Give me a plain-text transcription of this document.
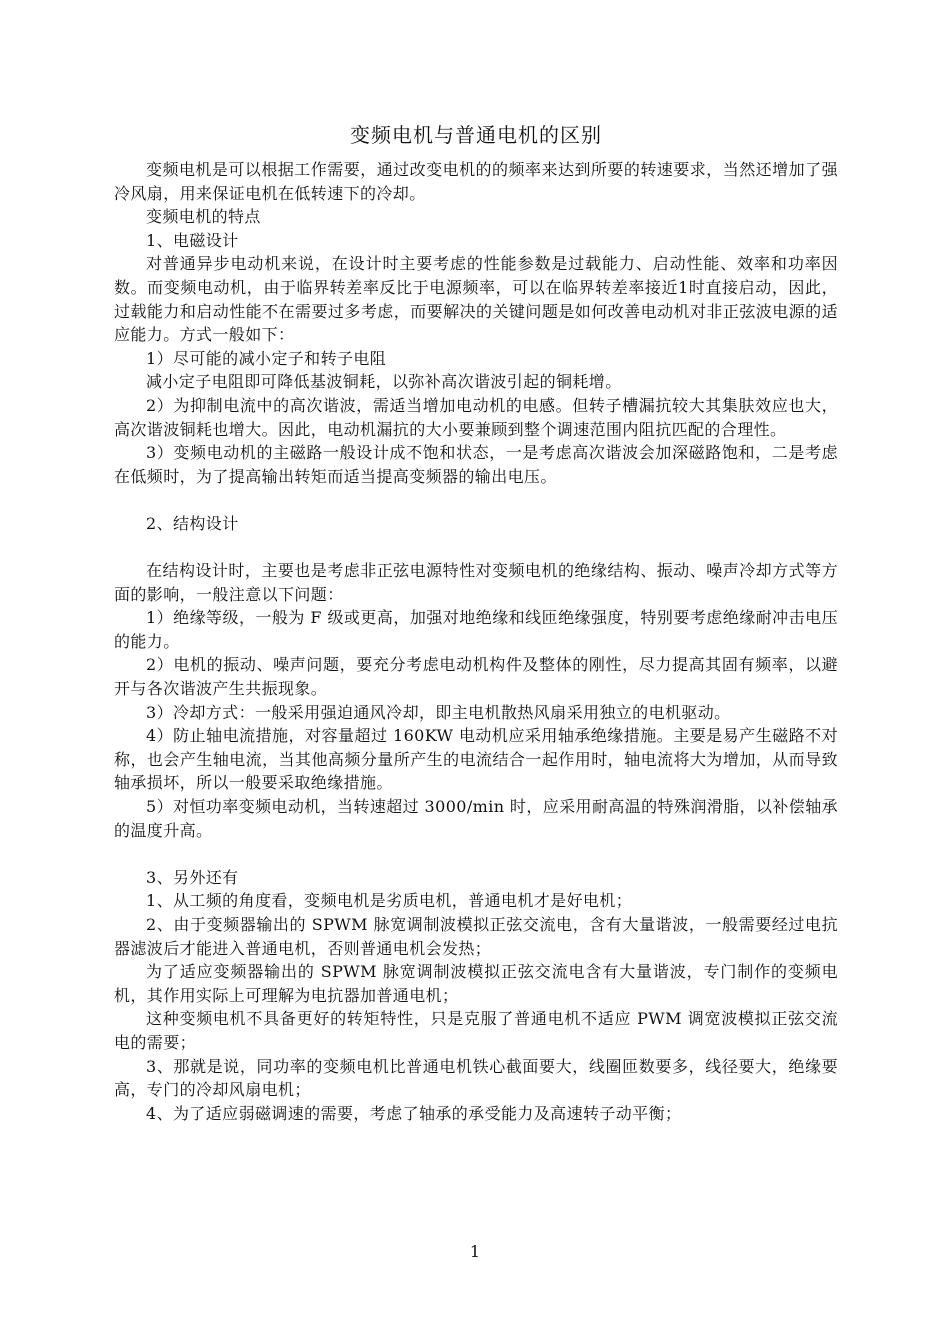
变频电机与普通电机的区别

变频电机是可以根据工作需要，通过改变电机的的频率来达到所要的转速要求，当然还增加了强冷风扇，用来保证电机在低转速下的冷却。

变频电机的特点

1、电磁设计

对普通异步电动机来说，在设计时主要考虑的性能参数是过载能力、启动性能、效率和功率因数。而变频电动机，由于临界转差率反比于电源频率，可以在临界转差率接近1时直接启动，因此，过载能力和启动性能不在需要过多考虑，而要解决的关键问题是如何改善电动机对非正弦波电源的适应能力。方式一般如下：

1）尽可能的减小定子和转子电阻

减小定子电阻即可降低基波铜耗，以弥补高次谐波引起的铜耗增。

2）为抑制电流中的高次谐波，需适当增加电动机的电感。但转子槽漏抗较大其集肤效应也大，高次谐波铜耗也增大。因此，电动机漏抗的大小要兼顾到整个调速范围内阻抗匹配的合理性。

3）变频电动机的主磁路一般设计成不饱和状态，一是考虑高次谐波会加深磁路饱和，二是考虑在低频时，为了提高输出转矩而适当提高变频器的输出电压。

2、结构设计

在结构设计时，主要也是考虑非正弦电源特性对变频电机的绝缘结构、振动、噪声冷却方式等方面的影响，一般注意以下问题：

1）绝缘等级，一般为 F 级或更高，加强对地绝缘和线匝绝缘强度，特别要考虑绝缘耐冲击电压的能力。

2）电机的振动、噪声问题，要充分考虑电动机构件及整体的刚性，尽力提高其固有频率，以避开与各次谐波产生共振现象。

3）冷却方式：一般采用强迫通风冷却，即主电机散热风扇采用独立的电机驱动。

4）防止轴电流措施，对容量超过 160KW 电动机应采用轴承绝缘措施。主要是易产生磁路不对称，也会产生轴电流，当其他高频分量所产生的电流结合一起作用时，轴电流将大为增加，从而导致轴承损坏，所以一般要采取绝缘措施。

5）对恒功率变频电动机，当转速超过 3000/min 时，应采用耐高温的特殊润滑脂，以补偿轴承的温度升高。

3、另外还有

1、从工频的角度看，变频电机是劣质电机，普通电机才是好电机；

2、由于变频器输出的 SPWM 脉宽调制波模拟正弦交流电，含有大量谐波，一般需要经过电抗器滤波后才能进入普通电机，否则普通电机会发热；

为了适应变频器输出的 SPWM 脉宽调制波模拟正弦交流电含有大量谐波，专门制作的变频电机，其作用实际上可理解为电抗器加普通电机；

这种变频电机不具备更好的转矩特性，只是克服了普通电机不适应 PWM 调宽波模拟正弦交流电的需要；

3、那就是说，同功率的变频电机比普通电机铁心截面要大，线圈匝数要多，线径要大，绝缘要高，专门的冷却风扇电机；

4、为了适应弱磁调速的需要，考虑了轴承的承受能力及高速转子动平衡；

1
